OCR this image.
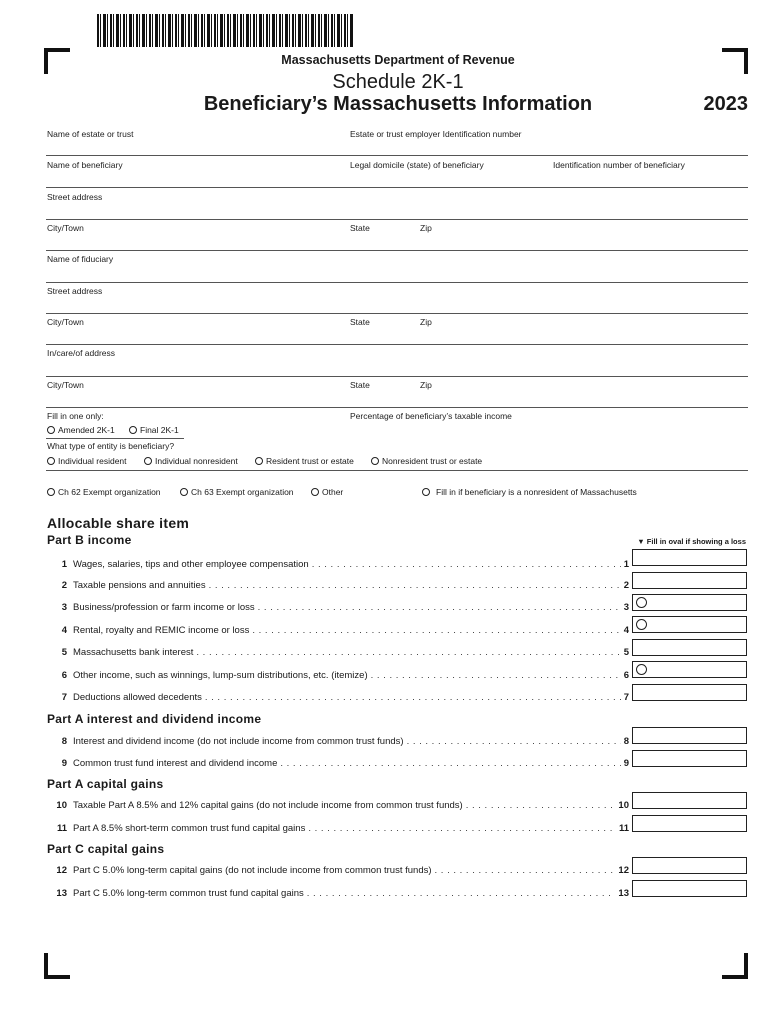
Massachusetts Department of Revenue
Schedule 2K-1
Beneficiary’s Massachusetts Information	2023
Name of estate or trust	Estate or trust employer Identification number
Name of beneficiary	Legal domicile (state) of beneficiary	Identification number of beneficiary
Street address
City/Town	State	Zip
Name of fiduciary
Street address
City/Town	State	Zip
In/care/of address
City/Town	State	Zip
Fill in one only:	Percentage of beneficiary’s taxable income
Amended 2K-1	Final 2K-1
What type of entity is beneficiary?
Individual resident	Individual nonresident	Resident trust or estate	Nonresident trust or estate
Ch 62 Exempt organization	Ch 63 Exempt organization	Other	Fill in if beneficiary is a nonresident of Massachusetts
Allocable share item
Part B income	▼ Fill in oval if showing a loss
1 Wages, salaries, tips and other employee compensation . . .	1
2 Taxable pensions and annuities . . .	2
3 Business/profession or farm income or loss . . .	3
4 Rental, royalty and REMIC income or loss . . .	4
5 Massachusetts bank interest . . .	5
6 Other income, such as winnings, lump-sum distributions, etc. (itemize) . . .	6
7 Deductions allowed decedents . . .	7
Part A interest and dividend income
8 Interest and dividend income (do not include income from common trust funds) . . .	8
9 Common trust fund interest and dividend income . . .	9
Part A capital gains
10 Taxable Part A 8.5% and 12% capital gains (do not include income from common trust funds) . . .	10
11 Part A 8.5% short-term common trust fund capital gains . . .	11
Part C capital gains
12 Part C 5.0% long-term capital gains (do not include income from common trust funds) . . .	12
13 Part C 5.0% long-term common trust fund capital gains . . .	13
